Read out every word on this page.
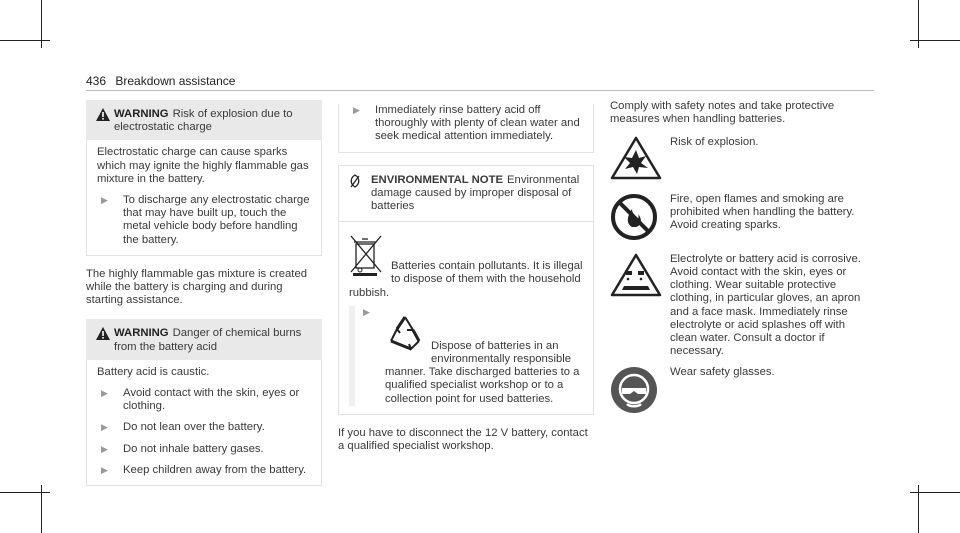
436 Breakdown assistance
WARNING Risk of explosion due to electrostatic charge
Electrostatic charge can cause sparks which may ignite the highly flammable gas mixture in the battery.
▶	To discharge any electrostatic charge that may have built up, touch the metal vehicle body before handling the battery.

The highly flammable gas mixture is created while the battery is charging and during starting assistance.

WARNING Danger of chemical burns from the battery acid
Battery acid is caustic.
▶	Avoid contact with the skin, eyes or clothing.
▶	Do not lean over the battery.
▶	Do not inhale battery gases.
▶	Keep children away from the battery.
▶	Immediately rinse battery acid off thoroughly with plenty of clean water and seek medical attention immediately.
ENVIRONMENTAL NOTE Environmental damage caused by improper disposal of batteries
Batteries contain pollutants. It is illegal to dispose of them with the household rubbish.
▶
Dispose of batteries in an environmentally responsible manner. Take discharged batteries to a qualified specialist workshop or to a collection point for used batteries.

If you have to disconnect the 12 V battery, contact a qualified specialist workshop.

Comply with safety notes and take protective measures when handling batteries.

Risk of explosion.
Fire, open flames and smoking are prohibited when handling the battery. Avoid creating sparks.
Electrolyte or battery acid is corrosive. Avoid contact with the skin, eyes or clothing. Wear suitable protective clothing, in particular gloves, an apron and a face mask. Immediately rinse electrolyte or acid splashes off with clean water. Consult a doctor if necessary.
Wear safety glasses.
